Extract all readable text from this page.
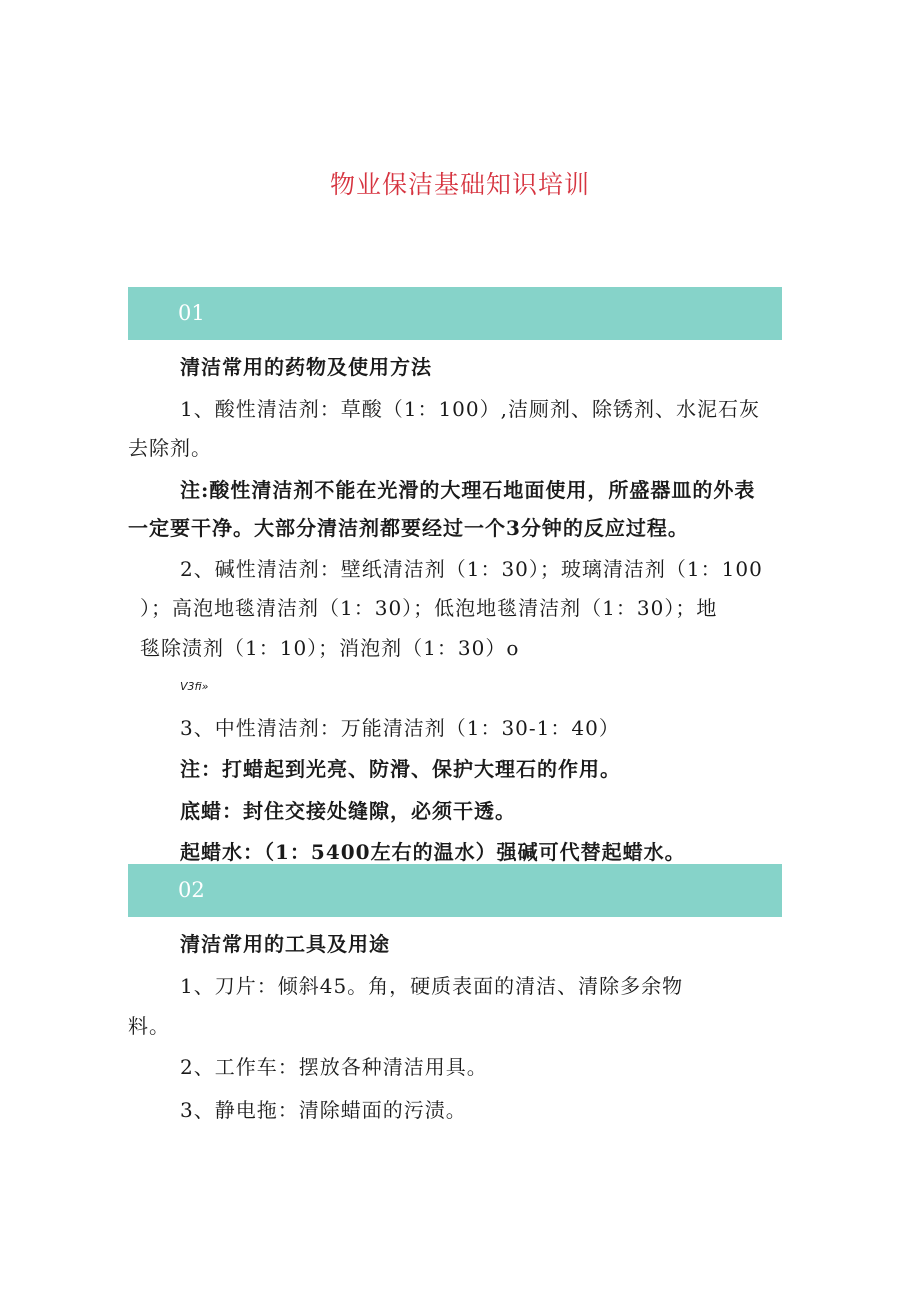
物业保洁基础知识培训
01
清洁常用的药物及使用方法
1、酸性清洁剂：草酸（1：100）,洁厕剂、除锈剂、水泥石灰
去除剂。
注:酸性清洁剂不能在光滑的大理石地面使用，所盛器皿的外表
一定要干净。大部分清洁剂都要经过一个3分钟的反应过程。
2、碱性清洁剂：壁纸清洁剂（1：30）；玻璃清洁剂（1：100
）；高泡地毯清洁剂（1：30）；低泡地毯清洁剂（1：30）；地
毯除渍剂（1：10）；消泡剂（1：30）o
V3fi»
3、中性清洁剂：万能清洁剂（1：30-1：40）
注：打蜡起到光亮、防滑、保护大理石的作用。
底蜡：封住交接处缝隙，必须干透。
起蜡水：（1：5400左右的温水）强碱可代替起蜡水。
02
清洁常用的工具及用途
1、刀片：倾斜45。角，硬质表面的清洁、清除多余物
料。
2、工作车：摆放各种清洁用具。
3、静电拖：清除蜡面的污渍。
